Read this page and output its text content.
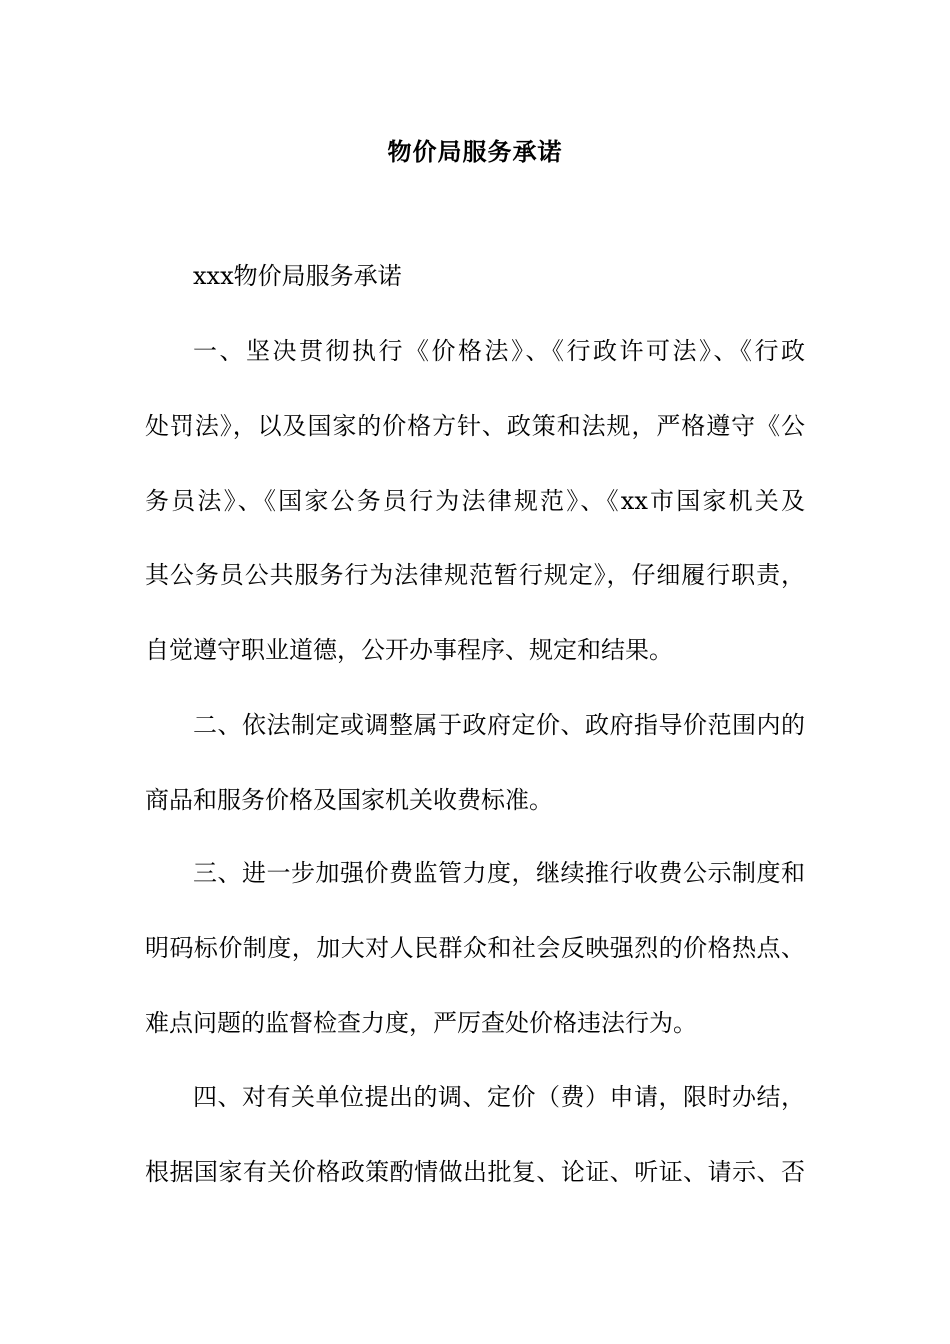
物价局服务承诺
xxx物价局服务承诺
一、坚决贯彻执行《价格法》、《行政许可法》、《行政
处罚法》，以及国家的价格方针、政策和法规，严格遵守《公
务员法》、《国家公务员行为法律规范》、《xx市国家机关及
其公务员公共服务行为法律规范暂行规定》，仔细履行职责，
自觉遵守职业道德，公开办事程序、规定和结果。
二、依法制定或调整属于政府定价、政府指导价范围内的
商品和服务价格及国家机关收费标准。
三、进一步加强价费监管力度，继续推行收费公示制度和
明码标价制度，加大对人民群众和社会反映强烈的价格热点、
难点问题的监督检查力度，严厉查处价格违法行为。
四、对有关单位提出的调、定价（费）申请，限时办结，
根据国家有关价格政策酌情做出批复、论证、听证、请示、否
